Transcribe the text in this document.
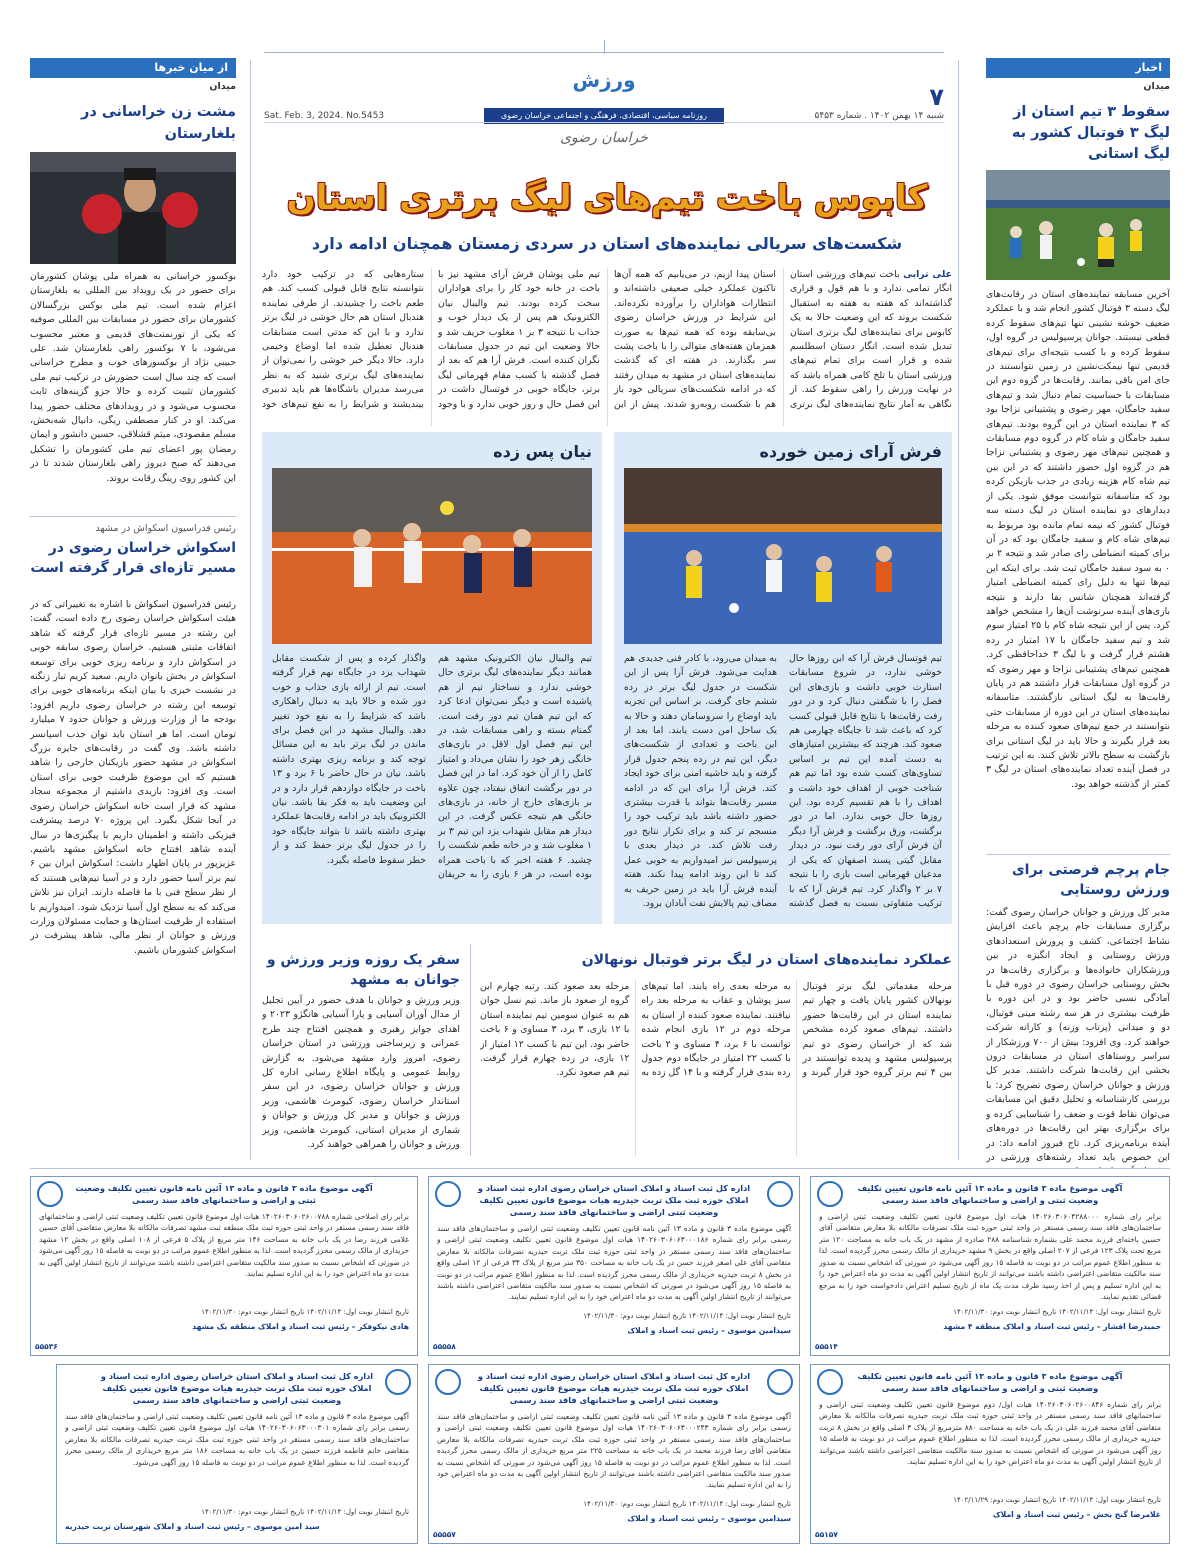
ورزش
۷
شنبه ۱۴ بهمن ۱۴۰۲ . شماره ۵۴۵۳
روزنامه سیاسی، اقتصادی، فرهنگی و اجتماعی خراسان رضوی
Sat. Feb. 3, 2024. No.5453
خراسان رضوی
اخبار
میدان
سقوط ۳ تیم استان از لیگ ۳ فوتبال کشور به لیگ استانی
آخرین مسابقه نماینده‌های استان در رقابت‌های لیگ دسته ۳ فوتبال کشور انجام شد و با عملکرد ضعیف خوشه نشینی تنها تیم‌های سقوط کرده قطعی نیستند. جوانان پرسپولیس در گروه اول، سقوط کرده و با کسب نتیجه‌ای برای تیم‌های قدیمی تنها نیمکت‌نشین در زمین نتوانستند در جای امن باقی بمانند. رقابت‌ها در گروه دوم این مسابقات با حساسیت تمام دنبال شد و تیم‌های سفید جامگان، مهر رضوی و پشتیبانی نزاجا بود که ۳ نماینده استان در این گروه بودند. تیم‌های سفید جامگان و شاه کام در گروه دوم مسابقات و همچنین تیم‌های مهر رضوی و پشتیبانی نزاجا هم در گروه اول حضور داشتند که در این بین تیم شاه کام هزینه زیادی در جذب بازیکن کرده بود که متاسفانه نتوانست موفق شود. یکی از دیدارهای دو نماینده استان در لیگ دسته سه فوتبال کشور که نیمه تمام مانده بود مربوط به تیم‌های شاه کام و سفید جامگان بود که در آن برای کمیته انضباطی رای صادر شد و نتیجه ۲ بر ۰ به سود سفید جامگان ثبت شد. برای اینکه این تیم‌ها تنها به دلیل رای کمیته انضباطی امتیاز گرفته‌اند همچنان شانس بقا دارند و نتیجه بازی‌های آینده سرنوشت آن‌ها را مشخص خواهد کرد. پس از این نتیجه شاه کام با ۲۵ امتیاز سوم شد و تیم سفید جامگان با ۱۷ امتیاز در رده هشتم قرار گرفت و با لیگ ۳ خداحافظی کرد. همچنین تیم‌های پشتیبانی نزاجا و مهر رضوی که در گروه اول مسابقات قرار داشتند هم در پایان رقابت‌ها به لیگ استانی بازگشتند. متاسفانه نماینده‌های استان در این دوره از مسابقات حتی نتوانستند در جمع تیم‌های صعود کننده به مرحله بعد قرار بگیرند و حالا باید در لیگ استانی برای بازگشت به سطح بالاتر تلاش کنند. به این ترتیب در فصل آینده تعداد نماینده‌های استان در لیگ ۳ کمتر از گذشته خواهد بود.
جام پرچم فرصتی برای ورزش روستایی
مدیر کل ورزش و جوانان خراسان رضوی گفت: برگزاری مسابقات جام پرچم باعث افزایش نشاط اجتماعی، کشف و پرورش استعدادهای ورزش روستایی و ایجاد انگیزه در بین ورزشکاران خانواده‌ها و برگزاری رقابت‌ها در بخش روستایی خراسان رضوی در دوره قبل با آمادگی نسبی حاضر بود و در این دوره با ظرفیت بیشتری در هر سه رشته مینی فوتبال، دو و میدانی (پرتاب وزنه) و کاراته شرکت خواهند کرد. وی افزود: بیش از ۷۰۰ ورزشکار از سراسر روستاهای استان در مسابقات درون بخشی این رقابت‌ها شرکت داشتند. مدیر کل ورزش و جوانان خراسان رضوی تصریح کرد: با بررسی کارشناسانه و تحلیل دقیق این مسابقات می‌توان نقاط قوت و ضعف را شناسایی کرده و برای برگزاری بهتر این رقابت‌ها در دوره‌های آینده برنامه‌ریزی کرد. تاج فیروز ادامه داد: در این خصوص باید تعداد رشته‌های ورزشی در
از میان خبرها
میدان
مشت زن خراسانی در بلغارستان
بوکسور خراسانی به همراه ملی پوشان کشورمان برای حضور در یک رویداد بین المللی به بلغارستان اعزام شده است. تیم ملی بوکس بزرگسالان کشورمان برای حضور در مسابقات بین المللی صوفیه که یکی از تورنمنت‌های قدیمی و معتبر محسوب می‌شود، با ۷ بوکسور راهی بلغارستان شد. علی حبیبی نژاد از بوکسورهای خوب و مطرح خراسانی است که چند سال است حضورش در ترکیب تیم ملی کشورمان تثبیت کرده و حالا جزو گزینه‌های ثابت محسوب می‌شود و در رویدادهای مختلف حضور پیدا می‌کند. او در کنار مصطفی ریگی، دانیال شه‌بخش، مسلم مقصودی، میثم قشلاقی، حسین دانشور و ایمان رمضان پور اعضای تیم ملی کشورمان را تشکیل می‌دهند که صبح دیروز راهی بلغارستان شدند تا در این کشور روی رینگ رقابت بروند.
رئیس فدراسیون اسکواش در مشهد
اسکواش خراسان رضوی در مسیر تازه‌ای قرار گرفته است
رئیس فدراسیون اسکواش با اشاره به تغییراتی که در هیئت اسکواش خراسان رضوی رخ داده است، گفت: این رشته در مسیر تازه‌ای قرار گرفته که شاهد اتفاقات مثبتی هستیم. خراسان رضوی سابقه خوبی در اسکواش دارد و برنامه ریزی خوبی برای توسعه اسکواش در بخش بانوان داریم. سعید کریم تبار زنگنه در نشست خبری با بیان اینکه برنامه‌های خوبی برای توسعه این رشته در خراسان رضوی داریم افزود: بودجه ما از وزارت ورزش و جوانان حدود ۷ میلیارد تومان است. اما هر استان باید توان جذب اسپانسر داشته باشد. وی گفت در رقابت‌های جایزه بزرگ اسکواش در مشهد حضور بازیکنان خارجی را شاهد هستیم که این موضوع ظرفیت خوبی برای استان است. وی افزود: بازیدی داشتیم از مجموعه سجاد مشهد که قرار است خانه اسکواش خراسان رضوی در آنجا شکل بگیرد. این پروژه ۷۰ درصد پیشرفت فیزیکی داشته و اطمینان داریم با پیگیری‌ها در سال آینده شاهد افتتاح خانه اسکواش مشهد باشیم. عزیزپور در پایان اظهار داشت: اسکواش ایران بین ۶ تیم برتر آسیا حضور دارد و در آسیا تیم‌هایی هستند که از نظر سطح فنی با ما فاصله دارند. ایران نیز تلاش می‌کند که به سطح اول آسیا نزدیک شود. امیدواریم با استفاده از ظرفیت استان‌ها و حمایت مسئولان وزارت ورزش و جوانان از نظر مالی، شاهد پیشرفت در اسکواش کشورمان باشیم.
کابوس باخت تیم‌های لیگ برتری استان
شکست‌های سریالی نماینده‌های استان در سردی زمستان همچنان ادامه دارد
علی ترابی باخت تیم‌های ورزشی استان انگار تمامی ندارد و با هم قول و قراری گذاشته‌اند که هفته به هفته به استقبال شکست بروند که این وضعیت حالا به یک کابوس برای نماینده‌های لیگ برتری استان تبدیل شده است. انگار دستان اسطلسم شده و قرار است برای تمام تیم‌های ورزشی استان با تلخ کامی همراه باشد که در نهایت ورزش را راهی سقوط کند. از نگاهی به آمار نتایج نماینده‌های لیگ برتری استان پیدا ازیم، در می‌یابیم که همه آن‌ها تاکنون عملکرد خیلی ضعیفی داشته‌اند و انتظارات هواداران را برآورده نکرده‌اند. این شرایط در ورزش خراسان رضوی بی‌سابقه بوده که همه تیم‌ها به صورت همزمان هفته‌های متوالی را با باخت پشت سر بگذارند. در هفته ای که گذشت نماینده‌های استان در مشهد به میدان رفتند که در ادامه شکست‌های سریالی خود باز هم با شکست روبه‌رو شدند. پیش از این تیم ملی پوشان فرش آرای مشهد نیز با باخت در خانه خود کار را برای هواداران سخت کرده بودند. تیم والیبال نیان الکترونیک هم پس از یک دیدار خوب و جذاب با نتیجه ۳ بر ۱ مغلوب حریف شد و حالا وضعیت این تیم در جدول مسابقات نگران کننده است. فرش آرا هم که بعد از فصل گذشته با کسب مقام قهرمانی لیگ برتر، جایگاه خوبی در فوتسال داشت در این فصل حال و روز خوبی ندارد و با وجود ستاره‌هایی که در ترکیب خود دارد نتوانسته نتایج قابل قبولی کسب کند. هم طعم باخت را چشیدند. از طرفی نماینده هندبال استان هم حال خوشی در لیگ برتر ندارد و با این که مدتی است مسابقات هندبال تعطیل شده اما اوضاع وخیمی دارد. حالا دیگر خبر خوشی را نمی‌توان از نماینده‌های لیگ برتری شنید که به نظر می‌رسد مدیران باشگاه‌ها هم باید تدبیری بیندیشند و شرایط را به نفع تیم‌های خود
فرش آرای زمین خورده
تیم فوتسال فرش آرا که این روزها حال خوشی ندارد، در شروع مسابقات استارت خوبی داشت و بازی‌های این فصل را با شگفتی دنبال کرد و در دور رفت رقابت‌ها با نتایج قابل قبولی کسب کرد که باعث شد تا جایگاه چهارمی هم صعود کند. هرچند که بیشترین امتیازهای به دست آمده این تیم بر اساس تساوی‌های کسب شده بود اما تیم هم شناخت خوبی از اهداف خود داشت و اهداف را با هم تقسیم کرده بود. این روزها حال خوبی ندارد. اما در دور برگشت، ورق برگشت و فرش آرا دیگر آن فرش آرای دور رفت نبود. در دیدار مقابل گیتی پسند اصفهان که یکی از مدعیان قهرمانی است بازی را با نتیجه ۷ بر ۲ واگذار کرد. تیم فرش آرا که با ترکیب متفاوتی نسبت به فصل گذشته به میدان می‌رود، با کادر فنی جدیدی هم هدایت می‌شود. فرش آرا پس از این شکست در جدول لیگ برتر در رده ششم جای گرفت. بر اساس این تجربه باید اوضاع را سروسامان دهند و حالا به یک ساحل امن دست یابند. اما بعد از این باخت و تعدادی از شکست‌های دیگر، این تیم در رده پنجم جدول قرار گرفته و باید حاشیه امنی برای خود ایجاد کند. فرش آرا برای این که در ادامه مسیر رقابت‌ها بتواند با قدرت بیشتری حضور داشته باشد باید ترکیب خود را منسجم تر کند و برای تکرار نتایج دور رفت تلاش کند. در دیدار بعدی با پرسپولیس نیز امیدواریم به خوبی عمل کند تا این روند ادامه پیدا نکند. هفته آینده فرش آرا باید در زمین حریف به مصاف تیم پالایش نفت آبادان برود.
نیان پس زده
تیم والیبال نیان الکترونیک مشهد هم همانند دیگر نماینده‌های لیگ برتری حال خوشی ندارد و نساختار تیم از هم پاشیده است و دیگر نمی‌توان ادعا کرد که این تیم همان تیم دور رفت است. گمنام بسته و راهی مسابقات شد، در این تیم فصل اول لاقل در بازی‌های خانگی زهر خود را نشان می‌داد و امتیاز کامل را از آن خود کرد. اما در این فصل در دور برگشت اتفاق نیفتاد، چون علاوه بر بازی‌های خارج از خانه، در بازی‌های خانگی هم نتیجه عکس گرفت. در این دیدار هم مقابل شهداب یزد این تیم ۳ بر ۱ مغلوب شد و در خانه طعم شکست را چشید. ۶ هفته اخیر که با باخت همراه بوده است، در هر ۶ بازی را به حریفان واگذار کرده و پس از شکست مقابل شهداب یزد در جایگاه نهم قرار گرفته است. تیم از ارائه بازی جذاب و خوب دور شده و حالا باید به دنبال راهکاری باشد که شرایط را به نفع خود تغییر دهد. والیبال مشهد در این فصل برای ماندن در لیگ برتر باید به این مسائل توجه کند و برنامه ریزی بهتری داشته باشد. نیان در حال حاضر با ۶ برد و ۱۳ باخت در جایگاه دوازدهم قرار دارد و در این وضعیت باید به فکر بقا باشد. نیان الکترونیک باید در ادامه رقابت‌ها عملکرد بهتری داشته باشد تا بتواند جایگاه خود را در جدول لیگ برتر حفظ کند و از خطر سقوط فاصله بگیرد.
عملکرد نماینده‌های استان در لیگ برتر فوتبال نونهالان
مرحله مقدماتی لیگ برتر فوتبال نونهالان کشور پایان یافت و چهار تیم نماینده استان در این رقابت‌ها حضور داشتند. تیم‌های صعود کرده مشخص شد که از خراسان رضوی دو تیم پرسپولیس مشهد و پدیده توانستند در بین ۴ تیم برتر گروه خود قرار گیرند و به مرحله بعدی راه یابند. اما تیم‌های سبز پوشان و عقاب به مرحله بعد راه نیافتند. نماینده صعود کننده از استان به مرحله دوم در ۱۲ بازی انجام شده توانست با ۶ برد، ۴ مساوی و ۲ باخت با کسب ۲۲ امتیاز در جایگاه دوم جدول رده بندی قرار گرفته و با ۱۴ گل زده به مرحله بعد صعود کند. رتبه چهارم این گروه از صعود باز ماند. تیم نسل جوان هم به عنوان سومین تیم نماینده استان با ۱۲ بازی، ۳ برد، ۳ مساوی و ۶ باخت حاضر بود. این تیم با کسب ۱۲ امتیاز از ۱۲ بازی، در رده چهارم قرار گرفت. تیم هم صعود نکرد.
سفر یک روزه وزیر ورزش و جوانان به مشهد
وزیر ورزش و جوانان با هدف حضور در آیین تجلیل از مدال آوران آسیایی و پارا آسیایی هانگژو ۲۰۲۳ و اهدای جوایز رهبری و همچنین افتتاح چند طرح عمرانی و زیرساختی ورزشی در استان خراسان رضوی، امروز وارد مشهد می‌شود. به گزارش روابط عمومی و پایگاه اطلاع رسانی اداره کل ورزش و جوانان خراسان رضوی، در این سفر استاندار خراسان رضوی، کیومرث هاشمی، وزیر ورزش و جوانان و مدیر کل ورزش و جوانان و شماری از مدیران استانی، کیومرث هاشمی، وزیر ورزش و جوانان را همراهی خواهند کرد.
آگهی موضوع ماده ۳ قانون و ماده ۱۳ آئین نامه قانون تعیین تکلیف وضعیت ثبتی و اراضی و ساختمانهای فاقد سند رسمی
برابر رای شماره ۱۴۰۲۶۰۳۰۶۰۴۲۸۸۰۰۰ هیات اول موضوع قانون تعیین تکلیف وضعیت ثبتی اراضی و ساختمان‌های فاقد سند رسمی مستقر در واحد ثبتی حوزه ثبت ملک تصرفات مالکانه بلا معارض متقاضی آقای حسین باخته‌ای فرزند محمد علی بشماره شناسنامه ۲۸۸ صادره از مشهد در یک باب خانه به مساحت ۱۲۰ متر مربع تحت پلاک ۱۲۳ فرعی از ۲۰۷ اصلی واقع در بخش ۹ مشهد خریداری از مالک رسمی محرز گردیده است. لذا به منظور اطلاع عموم مراتب در دو نوبت به فاصله ۱۵ روز آگهی می‌شود در صورتی که اشخاص نسبت به صدور سند مالکیت متقاضی اعتراضی داشته باشند می‌توانند از تاریخ انتشار اولین آگهی به مدت دو ماه اعتراض خود را به این اداره تسلیم و پس از اخذ رسید ظرف مدت یک ماه از تاریخ تسلیم اعتراض دادخواست خود را به مرجع قضائی تقدیم نمایند.
تاریخ انتشار نوبت اول: ۱۴۰۲/۱۱/۱۴ تاریخ انتشار نوبت دوم: ۱۴۰۲/۱۱/۳۰
حمیدرضا افشار – رئیس ثبت اسناد و املاک منطقه ۴ مشهد
۵۵۵۱۴
اداره کل ثبت اسناد و املاک استان خراسان رضوی اداره ثبت اسناد و املاک حوزه ثبت ملک تربت حیدریه هیات موضوع قانون تعیین تکلیف وضعیت ثبتی اراضی و ساختمانهای فاقد سند رسمی
آگهی موضوع ماده ۳ قانون و ماده ۱۳ آئین نامه قانون تعیین تکلیف وضعیت ثبتی اراضی و ساختمان‌های فاقد سند رسمی برابر رای شماره ۱۴۰۲۶۰۳۰۶۰۶۳۰۰۰۱۸۶ هیات اول موضوع قانون تعیین تکلیف وضعیت ثبتی اراضی و ساختمان‌های فاقد سند رسمی مستقر در واحد ثبتی حوزه ثبت ملک تربت حیدریه تصرفات مالکانه بلا معارض متقاضی آقای علی اصغر فرزند حسن در یک باب خانه به مساحت ۳۵۰ متر مربع از پلاک ۳۴ فرعی از ۱۲ اصلی واقع در بخش ۸ تربت حیدریه خریداری از مالک رسمی محرز گردیده است. لذا به منظور اطلاع عموم مراتب در دو نوبت به فاصله ۱۵ روز آگهی می‌شود در صورتی که اشخاص نسبت به صدور سند مالکیت متقاضی اعتراضی داشته باشند می‌توانند از تاریخ انتشار اولین آگهی به مدت دو ماه اعتراض خود را به این اداره تسلیم نمایند.
تاریخ انتشار نوبت اول: ۱۴۰۲/۱۱/۱۴ تاریخ انتشار نوبت دوم: ۱۴۰۲/۱۱/۳۰
سیدامین موسوی – رئیس ثبت اسناد و املاک
۵۵۵۵۸
آگهی موضوع ماده ۳ قانون و ماده ۱۳ آئین نامه قانون تعیین تکلیف وضعیت ثبتی و اراضی و ساختمانهای فاقد سند رسمی
برابر رای اصلاحی شماره ۱۴۰۲۶۰۳۰۶۰۲۶۰۰۷۸۸ هیات اول موضوع قانون تعیین تکلیف وضعیت ثبتی اراضی و ساختمانهای فاقد سند رسمی مستقر در واحد ثبتی حوزه ثبت ملک منطقه ثبت مشهد تصرفات مالکانه بلا معارض متقاضی آقای حسین غلامی فرزند رضا در یک باب خانه به مساحت ۱۴۶ متر مربع از پلاک ۵ فرعی از ۱۰۸ اصلی واقع در بخش ۱۲ مشهد خریداری از مالک رسمی محرز گردیده است. لذا به منظور اطلاع عموم مراتب در دو نوبت به فاصله ۱۵ روز آگهی می‌شود در صورتی که اشخاص نسبت به صدور سند مالکیت متقاضی اعتراضی داشته باشند می‌توانند از تاریخ انتشار اولین آگهی به مدت دو ماه اعتراض خود را به این اداره تسلیم نمایند.
تاریخ انتشار نوبت اول: ۱۴۰۲/۱۱/۱۴ تاریخ انتشار نوبت دوم: ۱۴۰۲/۱۱/۳۰
هادی نیکوفکر – رئیس ثبت اسناد و املاک منطقه یک مشهد
۵۵۵۳۶
آگهی موضوع ماده ۳ قانون و ماده ۱۳ آئین نامه قانون تعیین تکلیف وضعیت ثبتی و اراضی و ساختمانهای فاقد سند رسمی
برابر رای شماره ۱۴۰۲۶۰۳۰۶۰۲۶۰۰۸۴۶ هیات اول/ دوم موضوع قانون تعیین تکلیف وضعیت ثبتی اراضی و ساختمانهای فاقد سند رسمی مستقر در واحد ثبتی حوزه ثبت ملک تربت حیدریه تصرفات مالکانه بلا معارض متقاضی آقای محمد فرزند علی در یک باب خانه به مساحت ۸۸۰ مترمربع از پلاک ۳ اصلی واقع در بخش ۸ تربت حیدریه خریداری از مالک رسمی محرز گردیده است. لذا به منظور اطلاع عموم مراتب در دو نوبت به فاصله ۱۵ روز آگهی می‌شود در صورتی که اشخاص نسبت به صدور سند مالکیت متقاضی اعتراضی داشته باشند می‌توانند از تاریخ انتشار اولین آگهی به مدت دو ماه اعتراض خود را به این اداره تسلیم نمایند.
تاریخ انتشار نوبت اول: ۱۴۰۲/۱۱/۱۴ تاریخ انتشار نوبت دوم: ۱۴۰۲/۱۱/۲۹
غلامرضا گنج بخش – رئیس ثبت اسناد و املاک
۵۵۱۵۷
اداره کل ثبت اسناد و املاک استان خراسان رضوی اداره ثبت اسناد و املاک حوزه ثبت ملک تربت حیدریه هیات موضوع قانون تعیین تکلیف وضعیت ثبتی اراضی و ساختمانهای فاقد سند رسمی
آگهی موضوع ماده ۳ قانون و ماده ۱۳ آئین نامه قانون تعیین تکلیف وضعیت ثبتی اراضی و ساختمان‌های فاقد سند رسمی برابر رای شماره ۱۴۰۲۶۰۳۰۶۰۶۳۰۰۰۲۴۳ هیات اول موضوع قانون تعیین تکلیف وضعیت ثبتی اراضی و ساختمان‌های فاقد سند رسمی مستقر در واحد ثبتی حوزه ثبت ملک تربت حیدریه تصرفات مالکانه بلا معارض متقاضی آقای رضا فرزند محمد در یک باب خانه به مساحت ۲۲۵ متر مربع خریداری از مالک رسمی محرز گردیده است. لذا به منظور اطلاع عموم مراتب در دو نوبت به فاصله ۱۵ روز آگهی می‌شود در صورتی که اشخاص نسبت به صدور سند مالکیت متقاضی اعتراضی داشته باشند می‌توانند از تاریخ انتشار اولین آگهی به مدت دو ماه اعتراض خود را به این اداره تسلیم نمایند.
تاریخ انتشار نوبت اول: ۱۴۰۲/۱۱/۱۴ تاریخ انتشار نوبت دوم: ۱۴۰۲/۱۱/۳۰
سیدامین موسوی – رئیس ثبت اسناد و املاک
۵۵۵۵۷
اداره کل ثبت اسناد و املاک استان خراسان رضوی اداره ثبت اسناد و املاک حوزه ثبت ملک تربت حیدریه هیات موضوع قانون تعیین تکلیف وضعیت ثبتی اراضی و ساختمانهای فاقد سند رسمی
آگهی موضوع ماده ۳ قانون و ماده ۱۳ آئین نامه قانون تعیین تکلیف وضعیت ثبتی اراضی و ساختمان‌های فاقد سند رسمی برابر رای شماره ۱۴۰۲۶۰۳۰۶۰۶۳۰۰۰۳۰۱ هیات اول موضوع قانون تعیین تکلیف وضعیت ثبتی اراضی و ساختمان‌های فاقد سند رسمی مستقر در واحد ثبتی حوزه ثبت ملک تربت حیدریه تصرفات مالکانه بلا معارض متقاضی خانم فاطمه فرزند حسین در یک باب خانه به مساحت ۱۸۶ متر مربع خریداری از مالک رسمی محرز گردیده است. لذا به منظور اطلاع عموم مراتب در دو نوبت به فاصله ۱۵ روز آگهی می‌شود.
تاریخ انتشار نوبت اول: ۱۴۰۲/۱۱/۱۴ تاریخ انتشار نوبت دوم: ۱۴۰۲/۱۱/۳۰
سید امین موسوی – رئیس ثبت اسناد و املاک شهرستان تربت حیدریه
